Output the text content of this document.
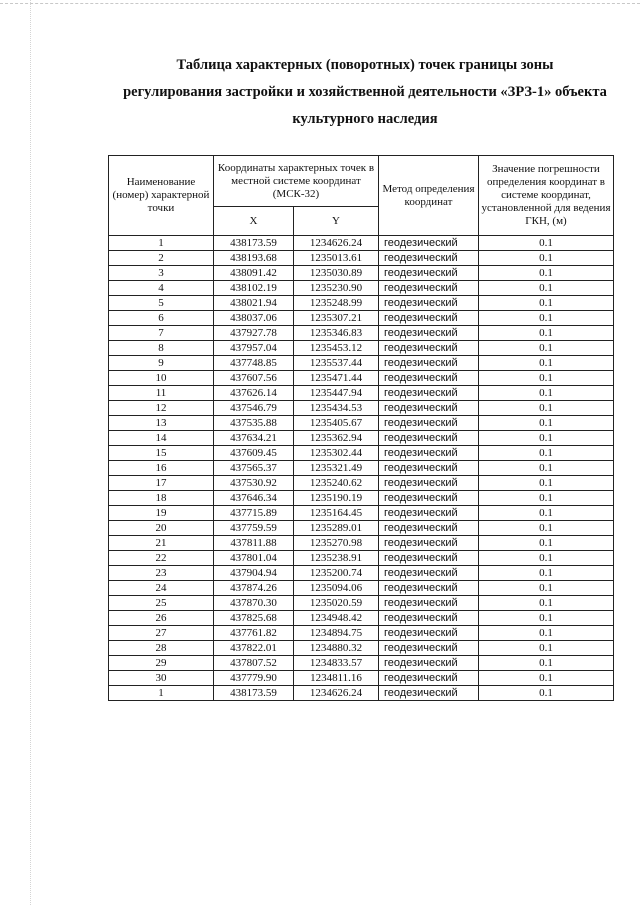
Таблица характерных (поворотных) точек границы зоны
регулирования застройки и хозяйственной деятельности «ЗРЗ-1» объекта
культурного наследия
Наименование (номер) характерной точки	Координаты характерных точек в местной системе координат (МСК-32)		Метод определения координат	Значение погрешности определения координат в системе координат, установленной для ведения ГКН, (м)
	X	Y		
1	438173.59	1234626.24	геодезический	0.1
2	438193.68	1235013.61	геодезический	0.1
3	438091.42	1235030.89	геодезический	0.1
4	438102.19	1235230.90	геодезический	0.1
5	438021.94	1235248.99	геодезический	0.1
6	438037.06	1235307.21	геодезический	0.1
7	437927.78	1235346.83	геодезический	0.1
8	437957.04	1235453.12	геодезический	0.1
9	437748.85	1235537.44	геодезический	0.1
10	437607.56	1235471.44	геодезический	0.1
11	437626.14	1235447.94	геодезический	0.1
12	437546.79	1235434.53	геодезический	0.1
13	437535.88	1235405.67	геодезический	0.1
14	437634.21	1235362.94	геодезический	0.1
15	437609.45	1235302.44	геодезический	0.1
16	437565.37	1235321.49	геодезический	0.1
17	437530.92	1235240.62	геодезический	0.1
18	437646.34	1235190.19	геодезический	0.1
19	437715.89	1235164.45	геодезический	0.1
20	437759.59	1235289.01	геодезический	0.1
21	437811.88	1235270.98	геодезический	0.1
22	437801.04	1235238.91	геодезический	0.1
23	437904.94	1235200.74	геодезический	0.1
24	437874.26	1235094.06	геодезический	0.1
25	437870.30	1235020.59	геодезический	0.1
26	437825.68	1234948.42	геодезический	0.1
27	437761.82	1234894.75	геодезический	0.1
28	437822.01	1234880.32	геодезический	0.1
29	437807.52	1234833.57	геодезический	0.1
30	437779.90	1234811.16	геодезический	0.1
1	438173.59	1234626.24	геодезический	0.1
